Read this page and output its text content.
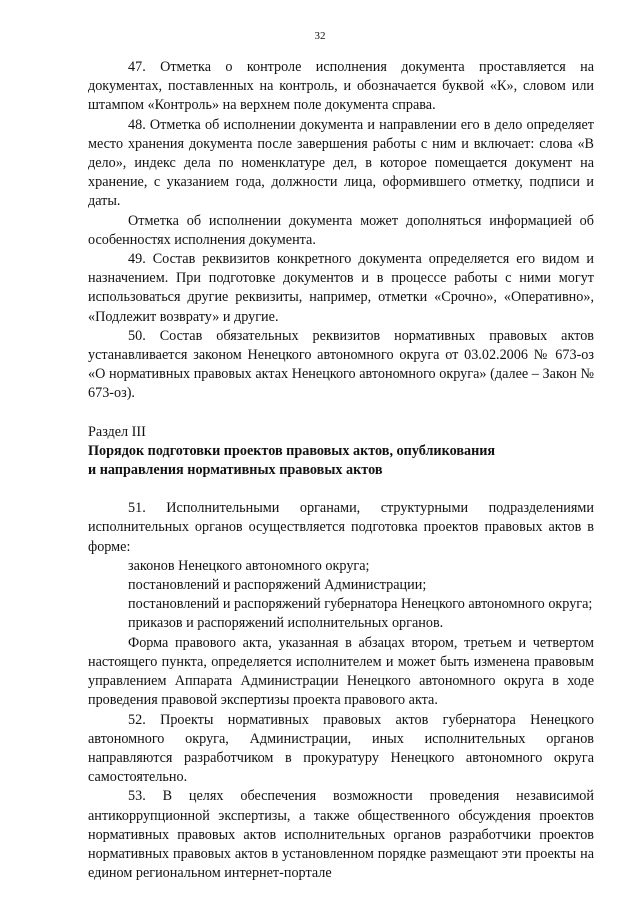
32

47. Отметка о контроле исполнения документа проставляется на документах, поставленных на контроль, и обозначается буквой «К», словом или штампом «Контроль» на верхнем поле документа справа.

48. Отметка об исполнении документа и направлении его в дело определяет место хранения документа после завершения работы с ним и включает: слова «В дело», индекс дела по номенклатуре дел, в которое помещается документ на хранение, с указанием года, должности лица, оформившего отметку, подписи и даты.

Отметка об исполнении документа может дополняться информацией об особенностях исполнения документа.

49. Состав реквизитов конкретного документа определяется его видом и назначением. При подготовке документов и в процессе работы с ними могут использоваться другие реквизиты, например, отметки «Срочно», «Оперативно», «Подлежит возврату» и другие.

50. Состав обязательных реквизитов нормативных правовых актов устанавливается законом Ненецкого автономного округа от 03.02.2006 № 673-оз «О нормативных правовых актах Ненецкого автономного округа» (далее – Закон № 673-оз).

Раздел III

Порядок подготовки проектов правовых актов, опубликования

и направления нормативных правовых актов

51. Исполнительными органами, структурными подразделениями исполнительных органов осуществляется подготовка проектов правовых актов в форме:

законов Ненецкого автономного округа;

постановлений и распоряжений Администрации;

постановлений и распоряжений губернатора Ненецкого автономного округа;

приказов и распоряжений исполнительных органов.

Форма правового акта, указанная в абзацах втором, третьем и четвертом настоящего пункта, определяется исполнителем и может быть изменена правовым управлением Аппарата Администрации Ненецкого автономного округа в ходе проведения правовой экспертизы проекта правового акта.

52. Проекты нормативных правовых актов губернатора Ненецкого автономного округа, Администрации, иных исполнительных органов направляются разработчиком в прокуратуру Ненецкого автономного округа самостоятельно.

53. В целях обеспечения возможности проведения независимой антикоррупционной экспертизы, а также общественного обсуждения проектов нормативных правовых актов исполнительных органов разработчики проектов нормативных правовых актов в установленном порядке размещают эти проекты на едином региональном интернет-портале
